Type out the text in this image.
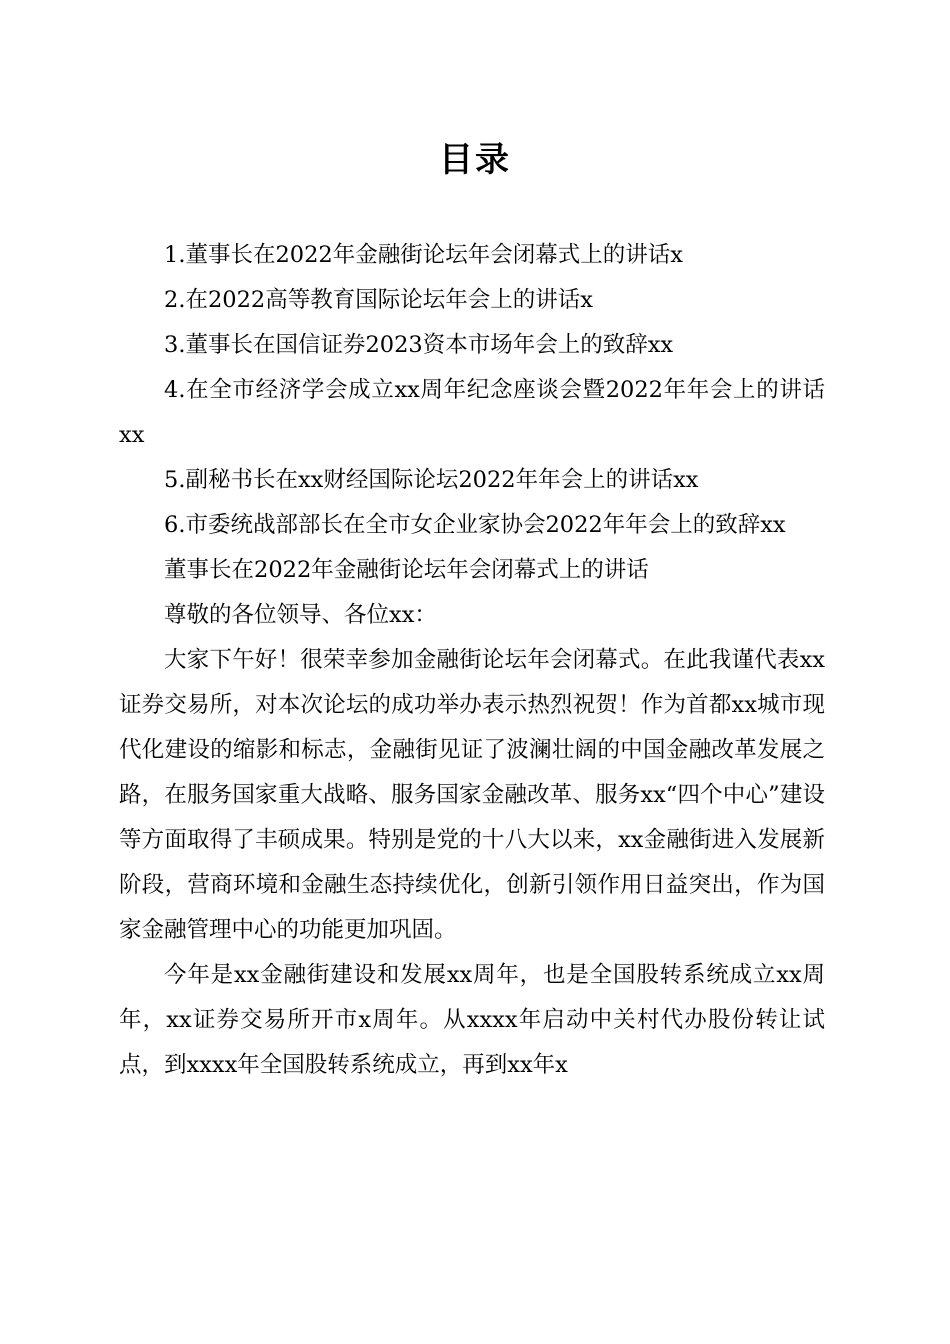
目录

1.董事长在2022年金融街论坛年会闭幕式上的讲话x

2.在2022高等教育国际论坛年会上的讲话x

3.董事长在国信证券2023资本市场年会上的致辞xx

4.在全市经济学会成立xx周年纪念座谈会暨2022年年会上的讲话xx

5.副秘书长在xx财经国际论坛2022年年会上的讲话xx

6.市委统战部部长在全市女企业家协会2022年年会上的致辞xx

董事长在2022年金融街论坛年会闭幕式上的讲话

尊敬的各位领导、各位xx：

大家下午好！很荣幸参加金融街论坛年会闭幕式。在此我谨代表xx证券交易所，对本次论坛的成功举办表示热烈祝贺！作为首都xx城市现代化建设的缩影和标志，金融街见证了波澜壮阔的中国金融改革发展之路，在服务国家重大战略、服务国家金融改革、服务xx“四个中心”建设等方面取得了丰硕成果。特别是党的十八大以来，xx金融街进入发展新阶段，营商环境和金融生态持续优化，创新引领作用日益突出，作为国家金融管理中心的功能更加巩固。

今年是xx金融街建设和发展xx周年，也是全国股转系统成立xx周年，xx证券交易所开市x周年。从xxxx年启动中关村代办股份转让试点，到xxxx年全国股转系统成立，再到xx年x
